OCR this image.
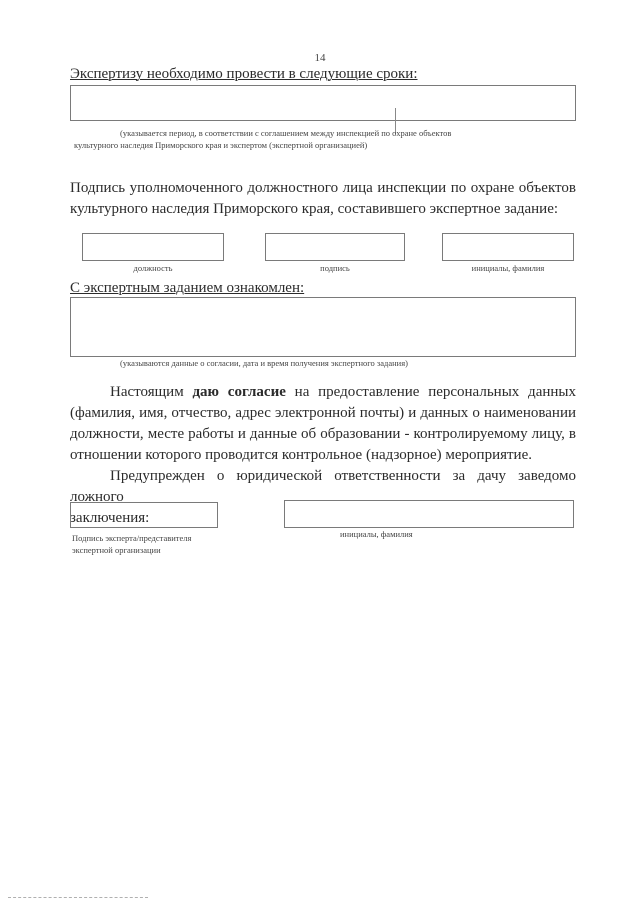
14
Экспертизу необходимо провести в следующие сроки:
(указывается период, в соответствии с соглашением между инспекцией по охране объектов
культурного наследия Приморского края и экспертом (экспертной организацией)
Подпись уполномоченного должностного лица инспекции по охране объектов
культурного наследия Приморского края, составившего экспертное задание:
должность	подпись	инициалы, фамилия
С экспертным заданием ознакомлен:
(указываются данные о согласии, дата и время получения экспертного задания)
Настоящим даю согласие на предоставление персональных данных
(фамилия, имя, отчество, адрес электронной почты) и данных о наименовании
должности, месте работы и данные об образовании - контролируемому лицу, в
отношении которого проводится контрольное (надзорное) мероприятие.
Предупрежден о юридической ответственности за дачу заведомо ложного
заключения:
Подпись эксперта/представителя
экспертной организации
инициалы, фамилия
